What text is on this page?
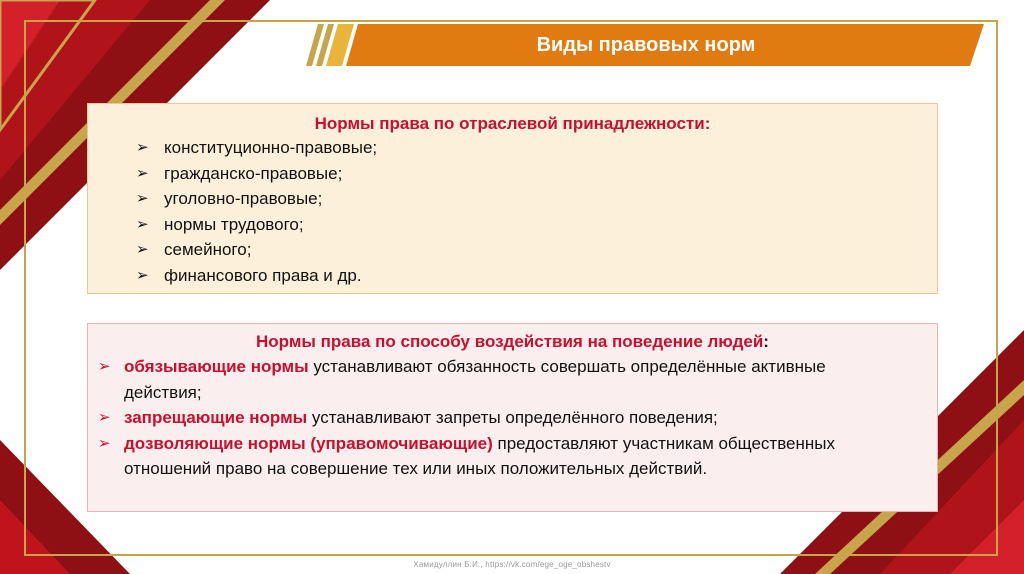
Виды правовых норм
Нормы права по отраслевой принадлежности:
➢ конституционно-правовые;
➢ гражданско-правовые;
➢ уголовно-правовые;
➢ нормы трудового;
➢ семейного;
➢ финансового права и др.
Нормы права по способу воздействия на поведение людей:
➢ обязывающие нормы устанавливают обязанность совершать определённые активные действия;
➢ запрещающие нормы устанавливают запреты определённого поведения;
➢ дозволяющие нормы (управомочивающие) предоставляют участникам общественных отношений право на совершение тех или иных положительных действий.
Хамидуллин Б.И., https://vk.com/ege_oge_obshestv
